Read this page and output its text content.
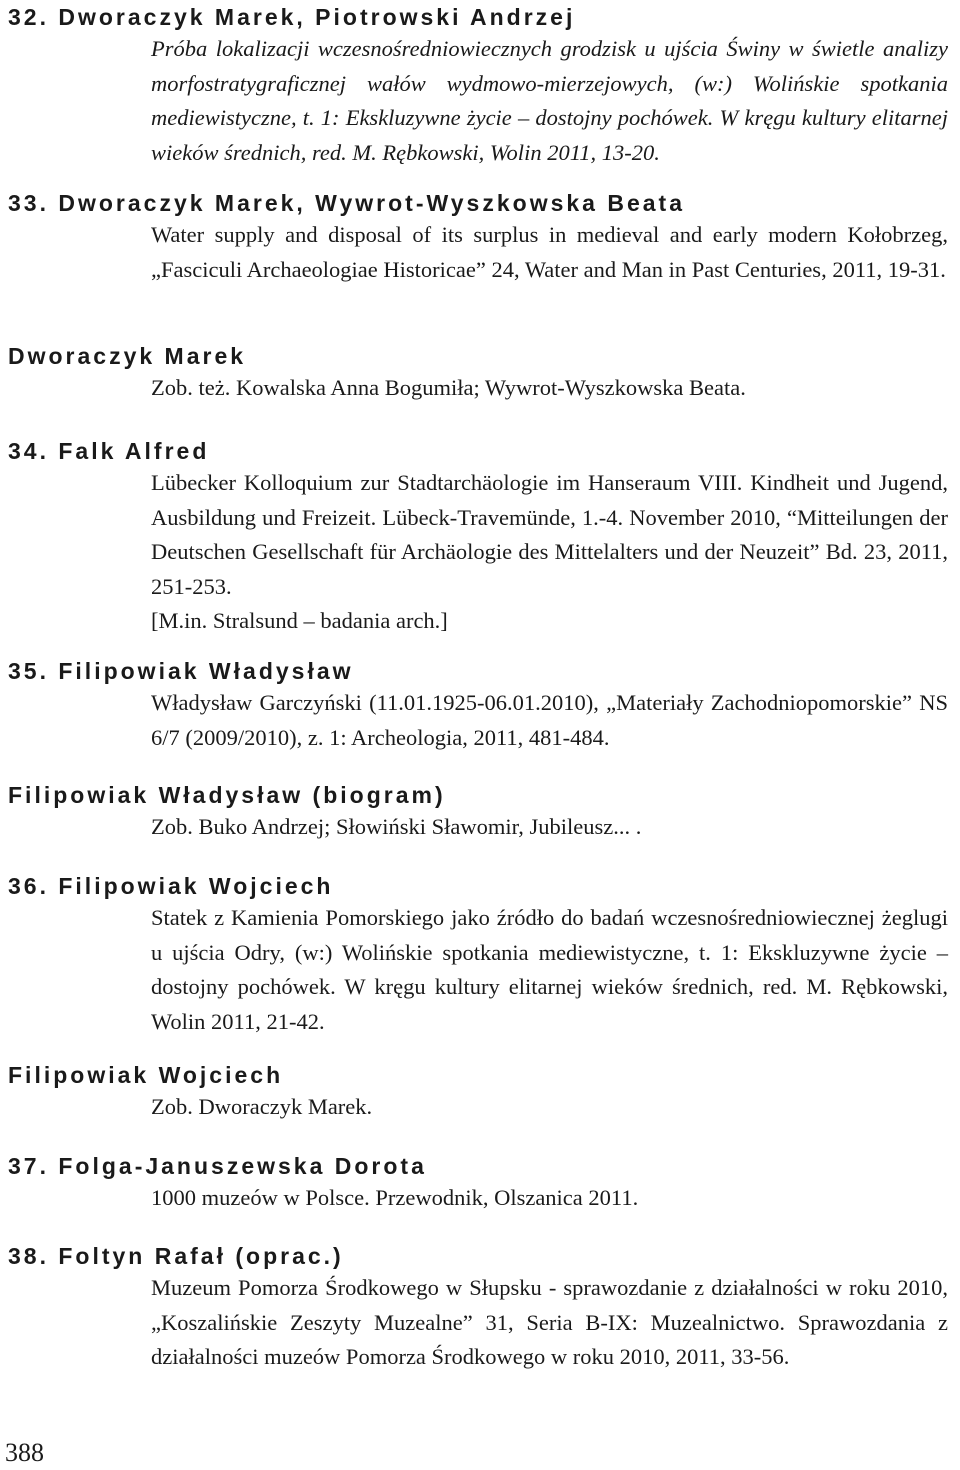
32. Dworaczyk Marek, Piotrowski Andrzej
Próba lokalizacji wczesnośredniowiecznych grodzisk u ujścia Świny w świetle analizy morfostratygraficznej wałów wydmowo-mierzejowych, (w:) Wolińskie spotkania mediewistyczne, t. 1: Ekskluzywne życie – dostojny pochówek. W kręgu kultury elitarnej wieków średnich, red. M. Rębkowski, Wolin 2011, 13-20.
33. Dworaczyk Marek, Wywrot-Wyszkowska Beata
Water supply and disposal of its surplus in medieval and early modern Kołobrzeg, „Fasciculi Archaeologiae Historicae” 24, Water and Man in Past Centuries, 2011, 19-31.
Dworaczyk Marek
Zob. też. Kowalska Anna Bogumiła; Wywrot-Wyszkowska Beata.
34. Falk Alfred
Lübecker Kolloquium zur Stadtarchäologie im Hanseraum VIII. Kindheit und Jugend, Ausbildung und Freizeit. Lübeck-Travemünde, 1.-4. November 2010, “Mitteilungen der Deutschen Gesellschaft für Archäologie des Mittelalters und der Neuzeit” Bd. 23, 2011, 251-253.
[M.in. Stralsund – badania arch.]
35. Filipowiak Władysław
Władysław Garczyński (11.01.1925-06.01.2010), „Materiały Zachodniopomorskie” NS 6/7 (2009/2010), z. 1: Archeologia, 2011, 481-484.
Filipowiak Władysław (biogram)
Zob. Buko Andrzej; Słowiński Sławomir, Jubileusz... .
36. Filipowiak Wojciech
Statek z Kamienia Pomorskiego jako źródło do badań wczesnośredniowiecznej żeglugi u ujścia Odry, (w:) Wolińskie spotkania mediewistyczne, t. 1: Ekskluzywne życie – dostojny pochówek. W kręgu kultury elitarnej wieków średnich, red. M. Rębkowski, Wolin 2011, 21-42.
Filipowiak Wojciech
Zob. Dworaczyk Marek.
37. Folga-Januszewska Dorota
1000 muzeów w Polsce. Przewodnik, Olszanica 2011.
38. Foltyn Rafał (oprac.)
Muzeum Pomorza Środkowego w Słupsku - sprawozdanie z działalności w roku 2010, „Koszalińskie Zeszyty Muzealne” 31, Seria B-IX: Muzealnictwo. Sprawozdania z działalności muzeów Pomorza Środkowego w roku 2010, 2011, 33-56.
388
